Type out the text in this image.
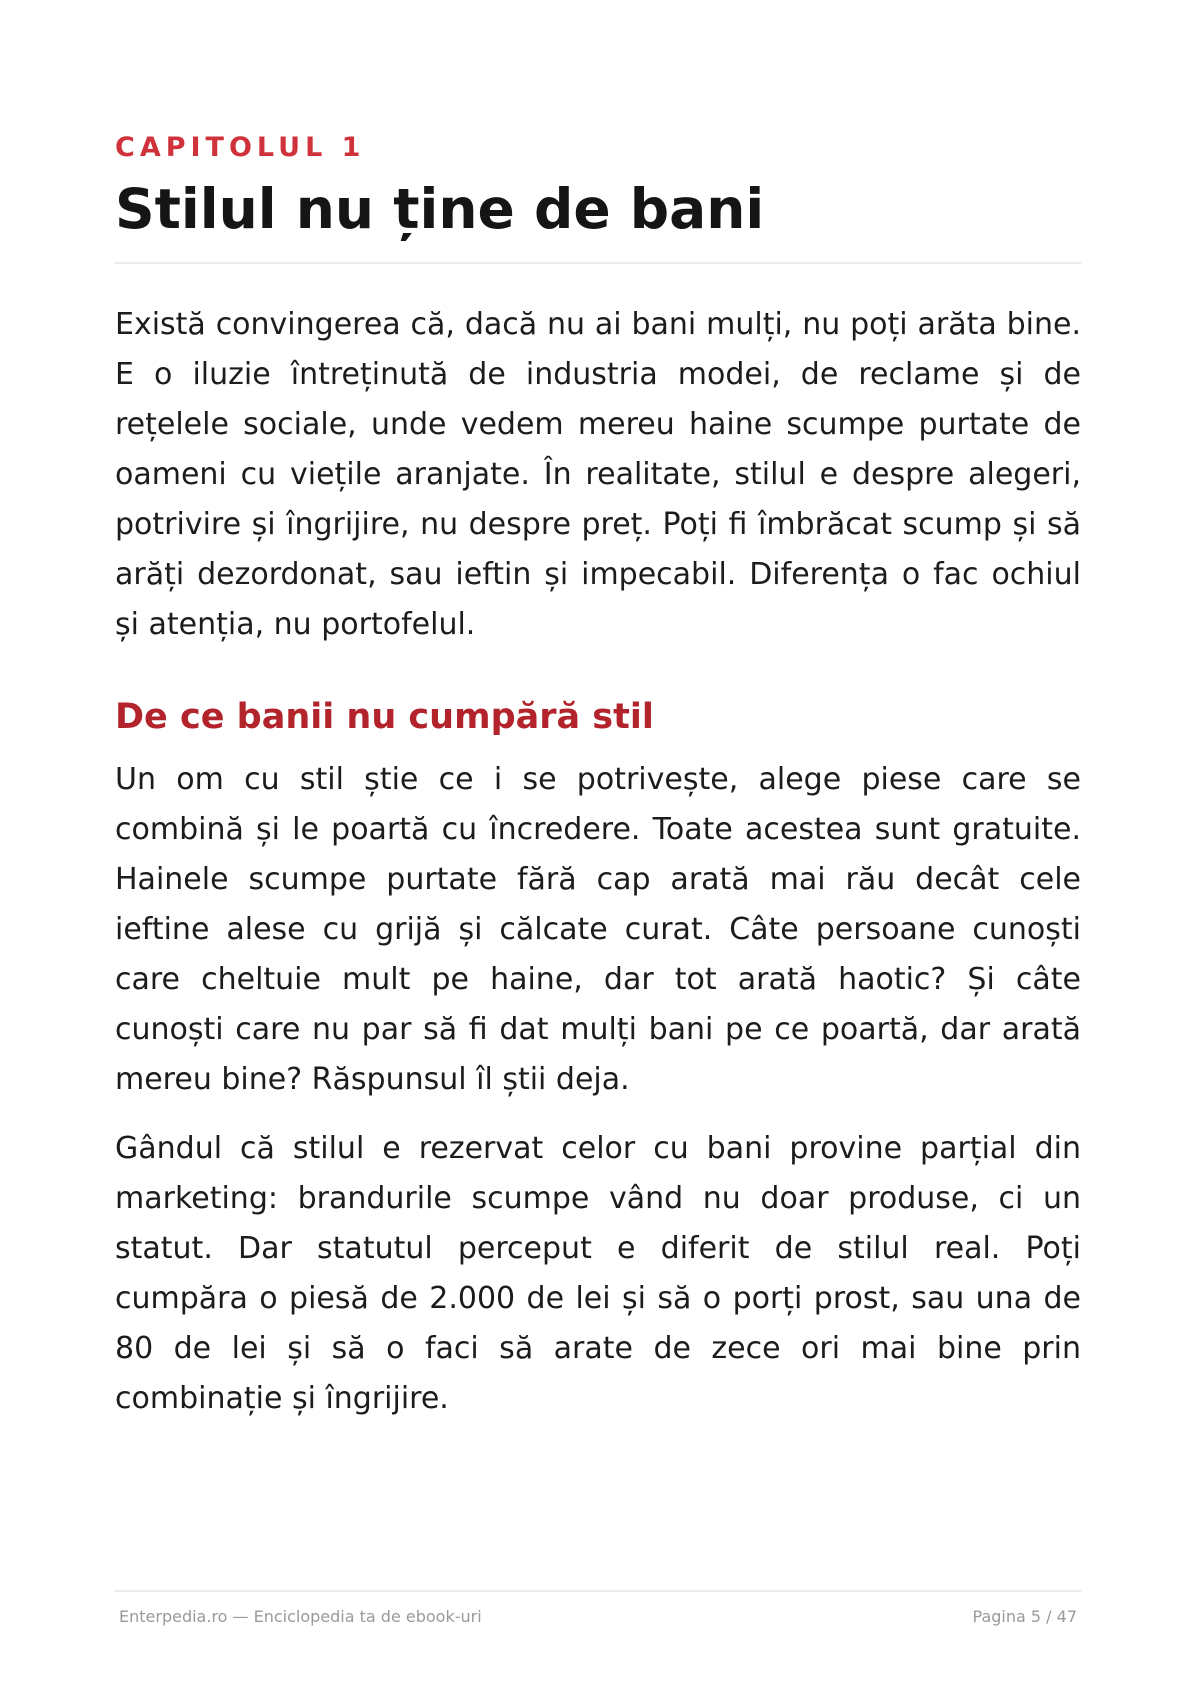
CAPITOLUL 1
Stilul nu ține de bani

Există convingerea că, dacă nu ai bani mulți, nu poți arăta bine. E o iluzie întreținută de industria modei, de reclame și de rețelele sociale, unde vedem mereu haine scumpe purtate de oameni cu viețile aranjate. În realitate, stilul e despre alegeri, potrivire și îngrijire, nu despre preț. Poți fi îmbrăcat scump și să arăți dezordonat, sau ieftin și impecabil. Diferența o fac ochiul și atenția, nu portofelul.

De ce banii nu cumpără stil

Un om cu stil știe ce i se potrivește, alege piese care se combină și le poartă cu încredere. Toate acestea sunt gratuite. Hainele scumpe purtate fără cap arată mai rău decât cele ieftine alese cu grijă și călcate curat. Câte persoane cunoști care cheltuie mult pe haine, dar tot arată haotic? Și câte cunoști care nu par să fi dat mulți bani pe ce poartă, dar arată mereu bine? Răspunsul îl știi deja.

Gândul că stilul e rezervat celor cu bani provine parțial din marketing: brandurile scumpe vând nu doar produse, ci un statut. Dar statutul perceput e diferit de stilul real. Poți cumpăra o piesă de 2.000 de lei și să o porți prost, sau una de 80 de lei și să o faci să arate de zece ori mai bine prin combinație și îngrijire.

Enterpedia.ro — Enciclopedia ta de ebook-uri	Pagina 5 / 47
